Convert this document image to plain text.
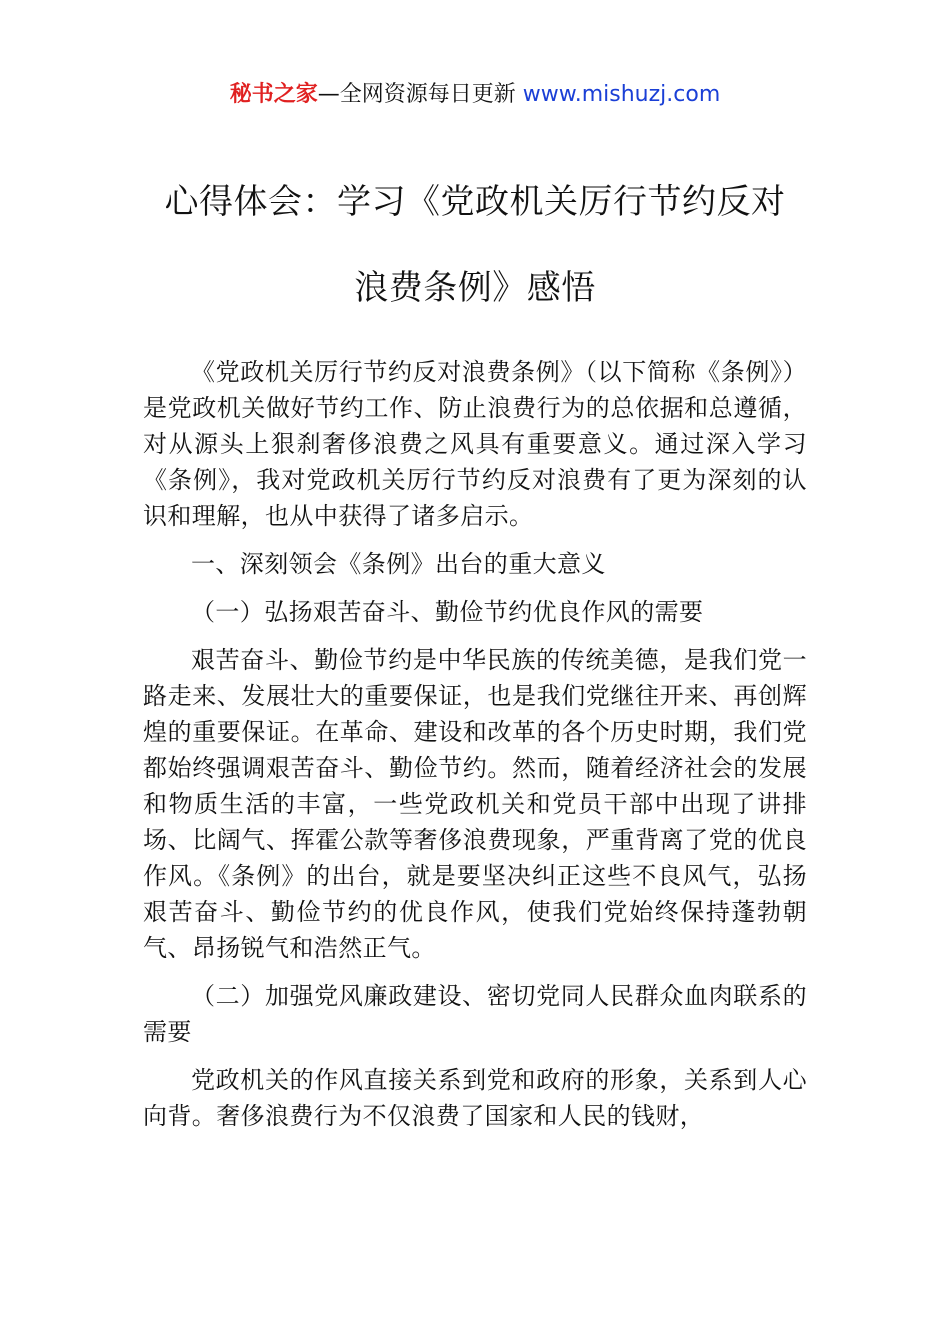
秘书之家—全网资源每日更新 www.mishuzj.com
心得体会：学习《党政机关厉行节约反对
浪费条例》感悟

《党政机关厉行节约反对浪费条例》（以下简称《条例》）是党政机关做好节约工作、防止浪费行为的总依据和总遵循，对从源头上狠刹奢侈浪费之风具有重要意义。通过深入学习《条例》，我对党政机关厉行节约反对浪费有了更为深刻的认识和理解，也从中获得了诸多启示。

一、深刻领会《条例》出台的重大意义

（一）弘扬艰苦奋斗、勤俭节约优良作风的需要

艰苦奋斗、勤俭节约是中华民族的传统美德，是我们党一路走来、发展壮大的重要保证，也是我们党继往开来、再创辉煌的重要保证。在革命、建设和改革的各个历史时期，我们党都始终强调艰苦奋斗、勤俭节约。然而，随着经济社会的发展和物质生活的丰富，一些党政机关和党员干部中出现了讲排场、比阔气、挥霍公款等奢侈浪费现象，严重背离了党的优良作风。《条例》的出台，就是要坚决纠正这些不良风气，弘扬艰苦奋斗、勤俭节约的优良作风，使我们党始终保持蓬勃朝气、昂扬锐气和浩然正气。

（二）加强党风廉政建设、密切党同人民群众血肉联系的需要

党政机关的作风直接关系到党和政府的形象，关系到人心向背。奢侈浪费行为不仅浪费了国家和人民的钱财，
